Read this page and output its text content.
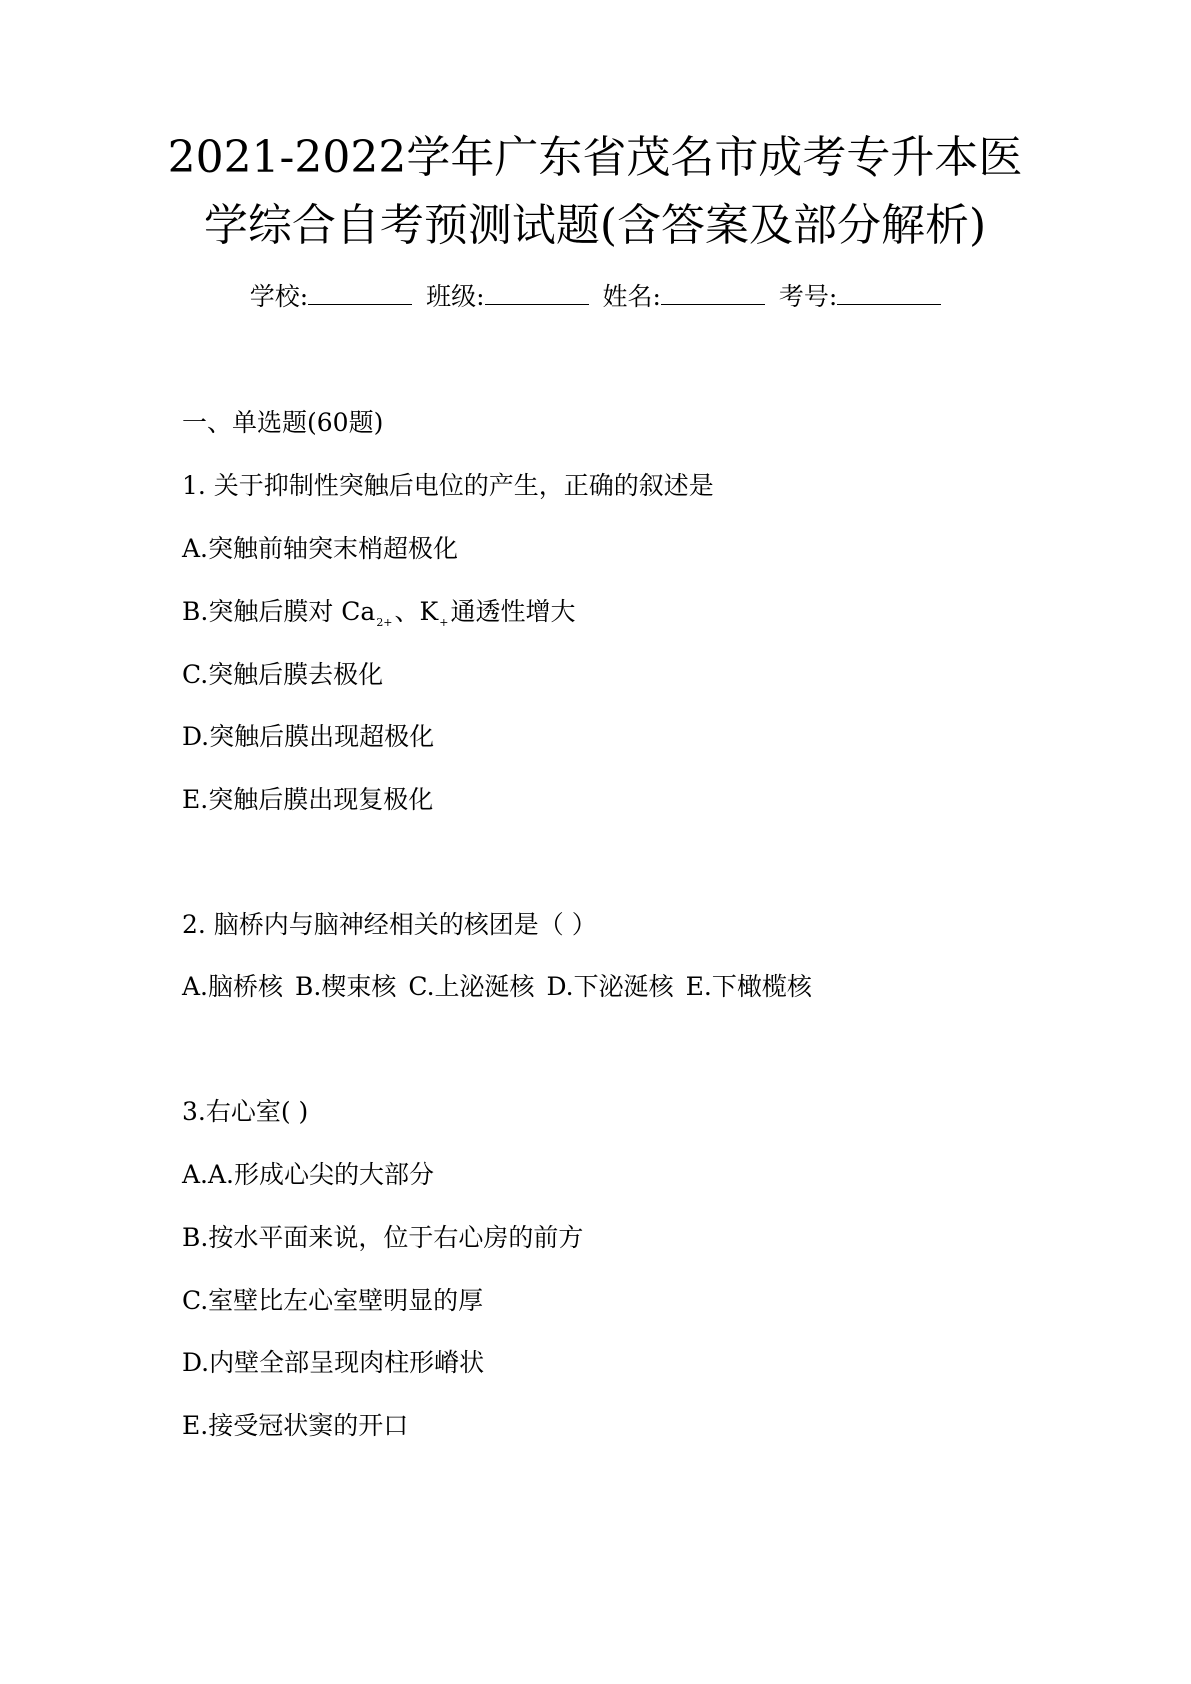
2021-2022学年广东省茂名市成考专升本医
学综合自考预测试题(含答案及部分解析)
学校:	班级:	姓名:	考号:

一、单选题(60题)

1. 关于抑制性突触后电位的产生，正确的叙述是

A.突触前轴突末梢超极化

B.突触后膜对 $Ca_{2+}$、$K_+$通透性增大

C.突触后膜去极化

D.突触后膜出现超极化

E.突触后膜出现复极化

2. 脑桥内与脑神经相关的核团是（ ）

A.脑桥核 B.楔束核 C.上泌涎核 D.下泌涎核 E.下橄榄核

3.右心室( )

A.A.形成心尖的大部分

B.按水平面来说，位于右心房的前方

C.室壁比左心室壁明显的厚

D.内壁全部呈现肉柱形嵴状

E.接受冠状窦的开口
